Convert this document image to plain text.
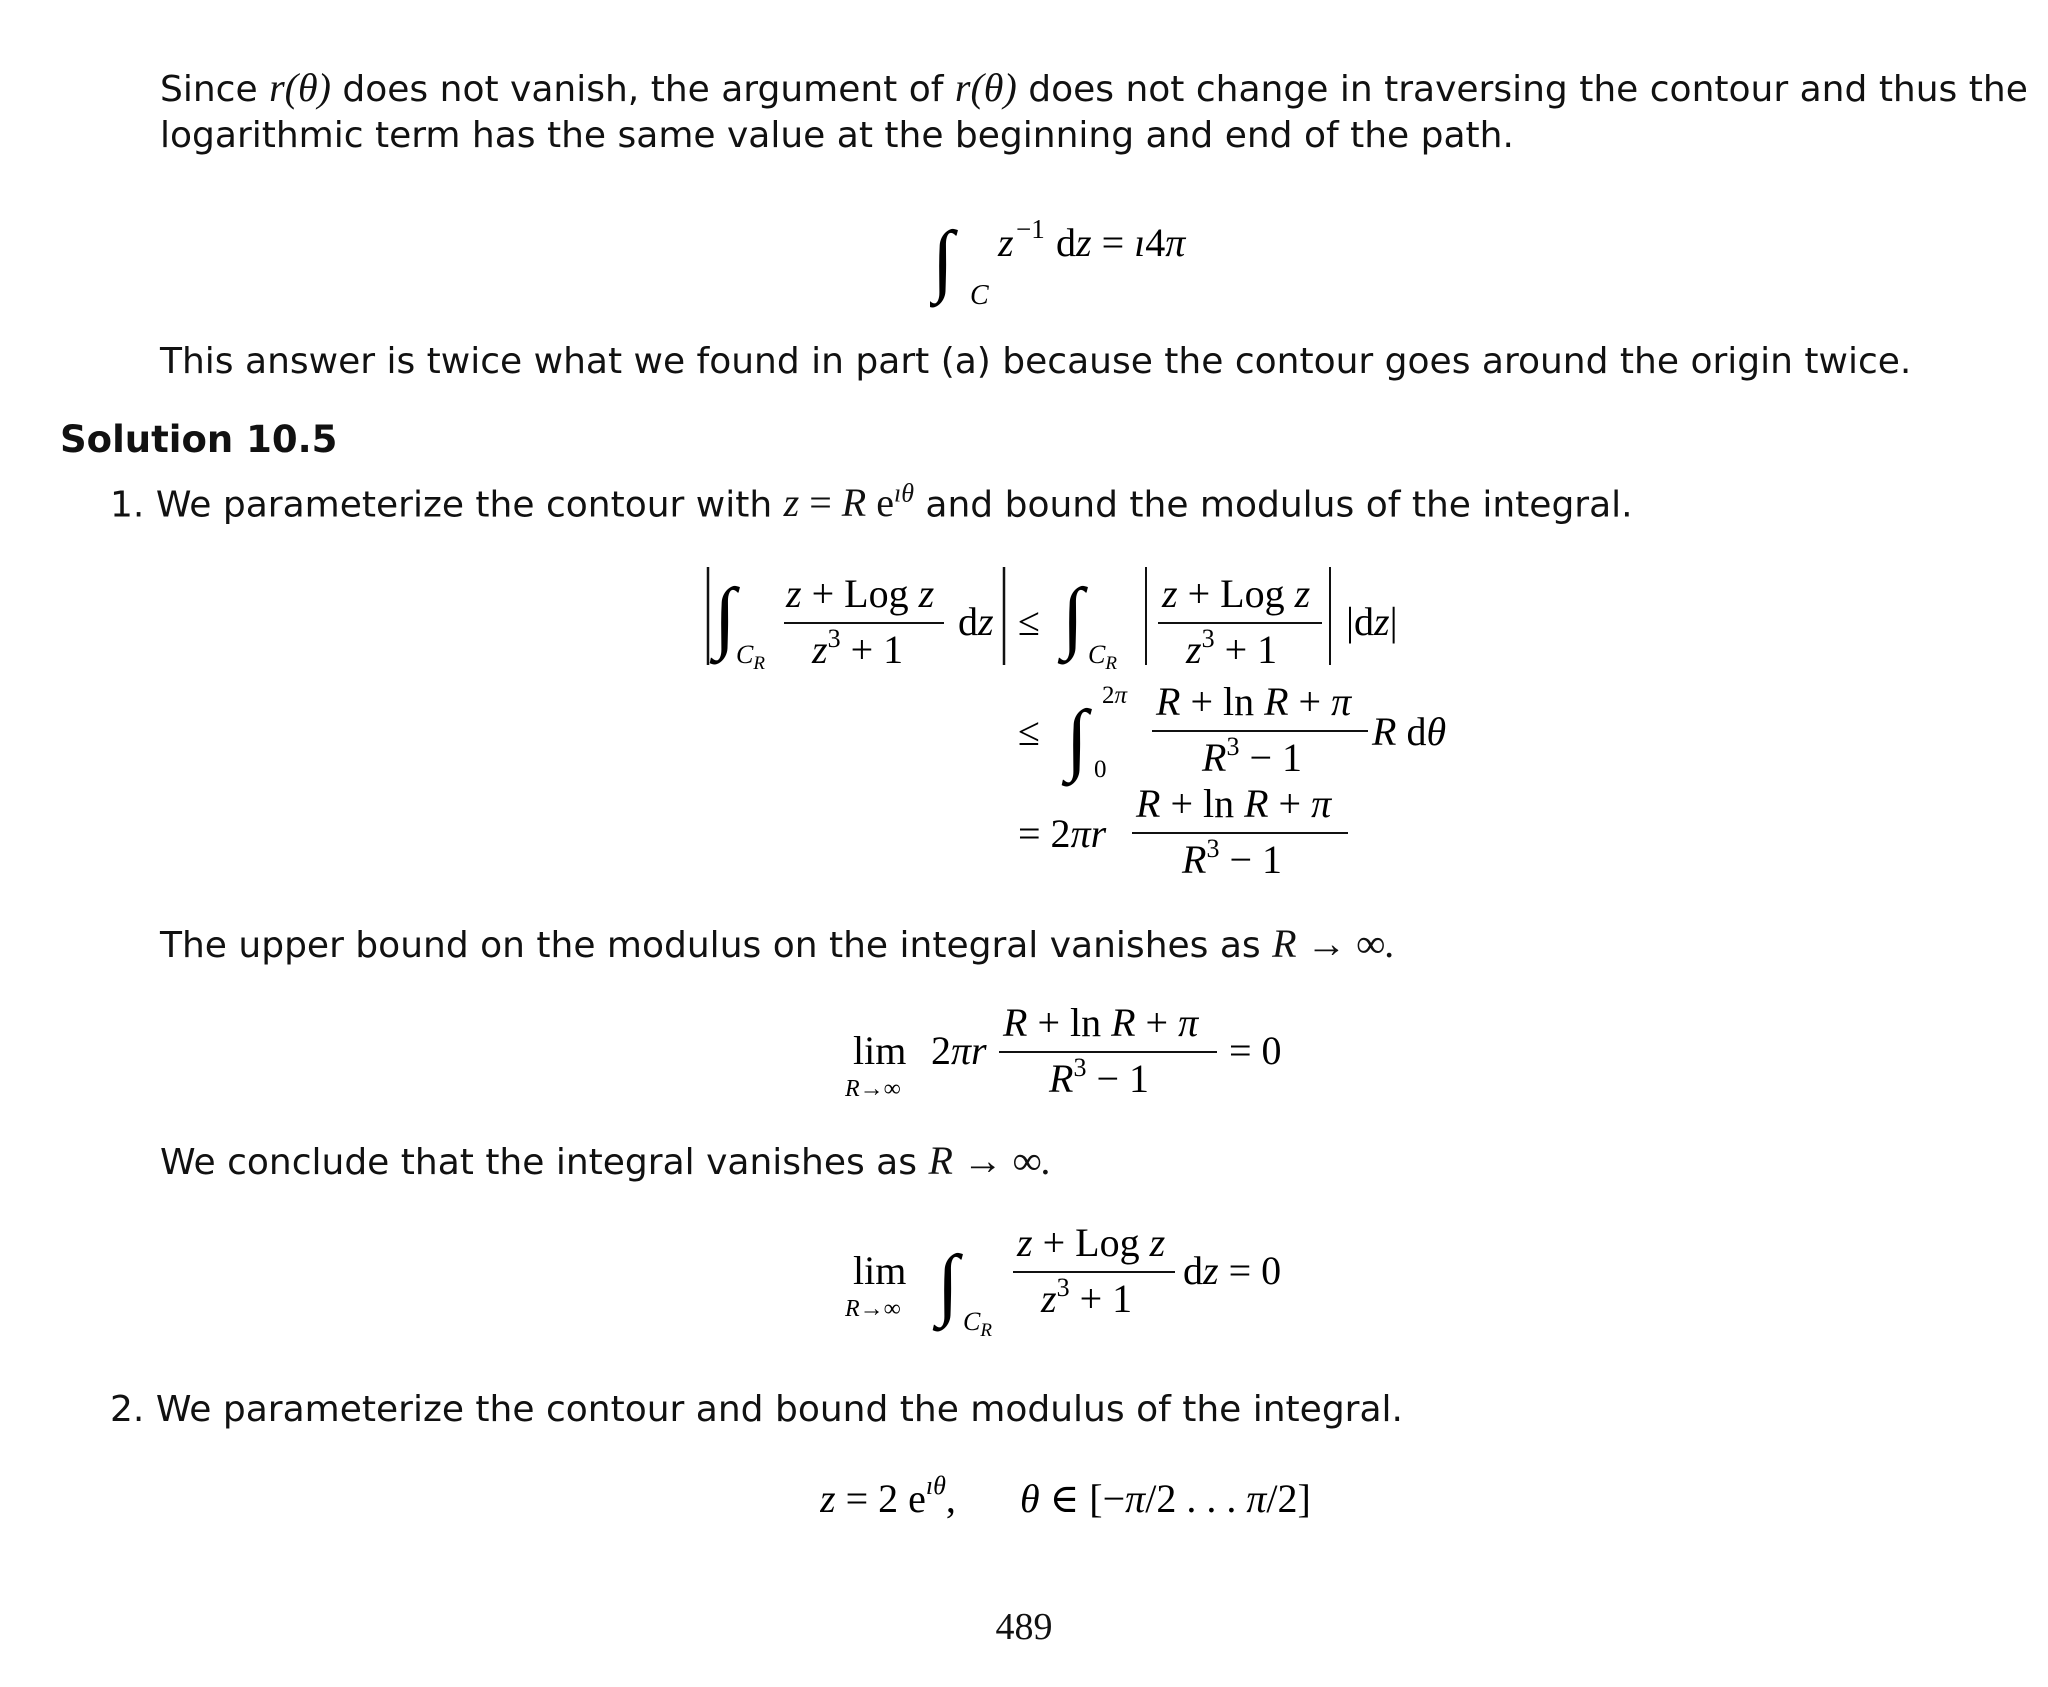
Since r(θ) does not vanish, the argument of r(θ) does not change in traversing the contour and thus the
logarithmic term has the same value at the beginning and end of the path.
∫ C
z −1 dz = ı4π
This answer is twice what we found in part (a) because the contour goes around the origin twice.
Solution 10.5
1. We parameterize the contour with z = R $e^{ı\theta}$ and bound the modulus of the integral.
∫ $C_R$
z + Log z
$z^3 + 1$
dz ≤ ∫ $C_R$
z + Log z
$z^3 + 1$
|dz|
≤ ∫ 2π
0
R + ln R + π
$R^3 - 1$
R dθ
= 2πr
R + ln R + π
$R^3 - 1$
The upper bound on the modulus on the integral vanishes as R → ∞.
lim
R→∞
2πr
R + ln R + π
$R^3 - 1$
= 0
We conclude that the integral vanishes as R → ∞.
lim
R→∞ ∫ $C_R$
z + Log z
$z^3 + 1$
dz = 0
2. We parameterize the contour and bound the modulus of the integral.
z = 2 $e^{ı\theta}$, θ ∈ [−π/2 . . . π/2]
489
